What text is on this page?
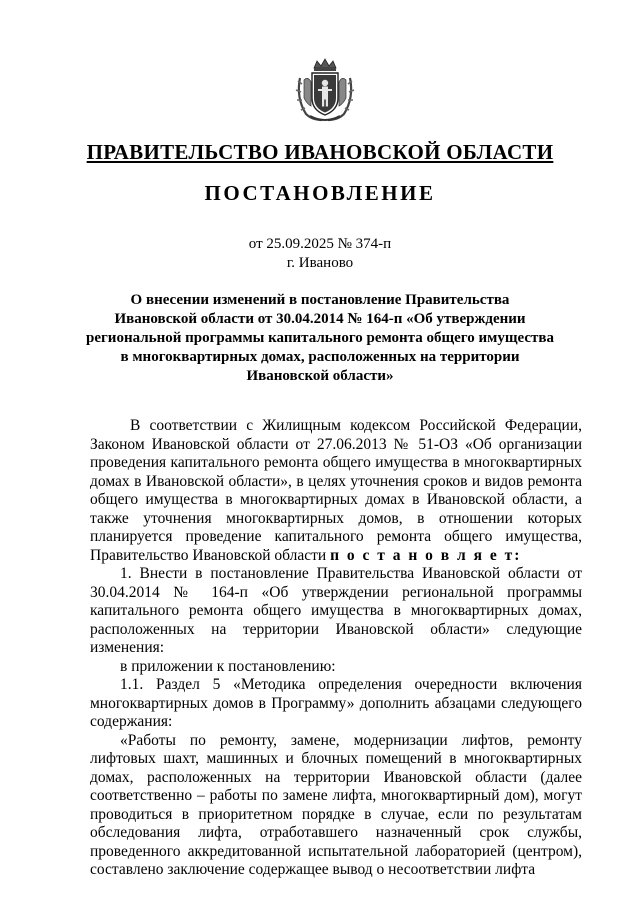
ПРАВИТЕЛЬСТВО ИВАНОВСКОЙ ОБЛАСТИ
ПОСТАНОВЛЕНИЕ
от 25.09.2025 № 374-п
г. Иваново
О внесении изменений в постановление Правительства
Ивановской области от 30.04.2014 № 164-п «Об утверждении
региональной программы капитального ремонта общего имущества
в многоквартирных домах, расположенных на территории
Ивановской области»
В соответствии с Жилищным кодексом Российской Федерации, Законом Ивановской области от 27.06.2013 № 51-ОЗ «Об организации проведения капитального ремонта общего имущества в многоквартирных домах в Ивановской области», в целях уточнения сроков и видов ремонта общего имущества в многоквартирных домах в Ивановской области, а также уточнения многоквартирных домов, в отношении которых планируется проведение капитального ремонта общего имущества, Правительство Ивановской области п о с т а н о в л я е т:
1. Внести в постановление Правительства Ивановской области от 30.04.2014 № 164-п «Об утверждении региональной программы капитального ремонта общего имущества в многоквартирных домах, расположенных на территории Ивановской области» следующие изменения:
в приложении к постановлению:
1.1. Раздел 5 «Методика определения очередности включения многоквартирных домов в Программу» дополнить абзацами следующего содержания:
«Работы по ремонту, замене, модернизации лифтов, ремонту лифтовых шахт, машинных и блочных помещений в многоквартирных домах, расположенных на территории Ивановской области (далее соответственно – работы по замене лифта, многоквартирный дом), могут проводиться в приоритетном порядке в случае, если по результатам обследования лифта, отработавшего назначенный срок службы, проведенного аккредитованной испытательной лабораторией (центром), составлено заключение содержащее вывод о несоответствии лифта
